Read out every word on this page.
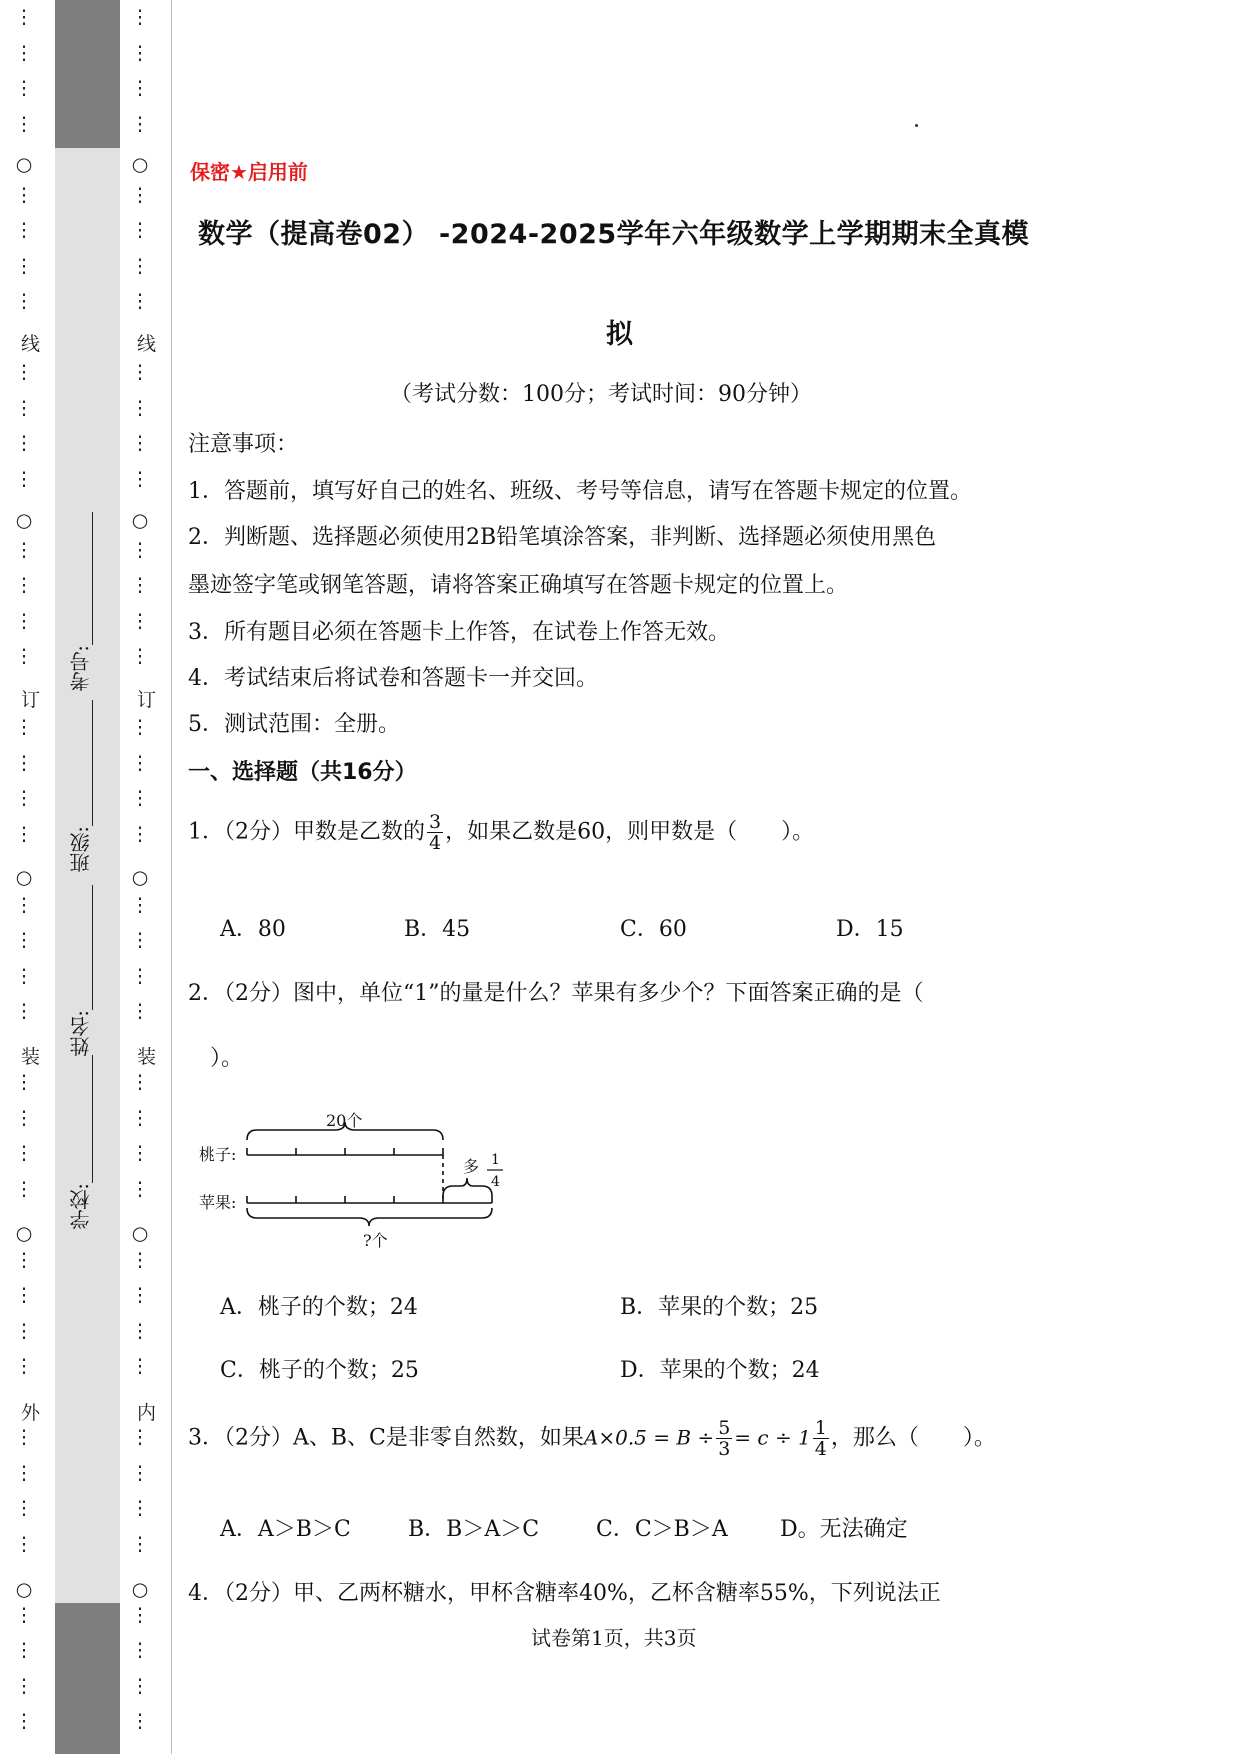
⋮
⋮
⋮
⋮
⋮
⋮
⋮
⋮
⋮
⋮
⋮
⋮
⋮
⋮
⋮
⋮
⋮
⋮
⋮
⋮
⋮
⋮
⋮
⋮
⋮
⋮
⋮
⋮
⋮
⋮
⋮
⋮
⋮
⋮
⋮
⋮
⋮
⋮
⋮
⋮
○
线
○
订
○
装
○
外
○
⋮
⋮
⋮
⋮
⋮
⋮
⋮
⋮
⋮
⋮
⋮
⋮
⋮
⋮
⋮
⋮
⋮
⋮
⋮
⋮
⋮
⋮
⋮
⋮
⋮
⋮
⋮
⋮
⋮
⋮
⋮
⋮
⋮
⋮
⋮
⋮
⋮
⋮
⋮
⋮
○
线
○
订
○
装
○
内
○
学校:
姓名:
班级:
考号:
保密★启用前
数学（提高卷02） -2024-2025学年六年级数学上学期期末全真模
拟
（考试分数：100分；考试时间：90分钟）
注意事项：
1．答题前，填写好自己的姓名、班级、考号等信息，请写在答题卡规定的位置。
2．判断题、选择题必须使用2B铅笔填涂答案，非判断、选择题必须使用黑色
墨迹签字笔或钢笔答题，请将答案正确填写在答题卡规定的位置上。
3．所有题目必须在答题卡上作答，在试卷上作答无效。
4．考试结束后将试卷和答题卡一并交回。
5．测试范围：全册。
一、选择题（共16分）
1．（2分）甲数是乙数的 $\frac{3}{4}$ ，如果乙数是60，则甲数是（　　）。
A．80	B．45	C．60	D．15
2．（2分）图中，单位“1”的量是什么？苹果有多少个？下面答案正确的是（
　）。
20个
桃子:
苹果:
多 1
4
?个
A．桃子的个数；24	B．苹果的个数；25
C．桃子的个数；25	D．苹果的个数；24
3．（2分）A、B、C是非零自然数，如果$A\times 0.5 = B \div \frac{5}{3} = c \div 1 \frac{1}{4}$ ，那么（　　）。
A．A＞B＞C	B．B＞A＞C	C．C＞B＞A D。无法确定
4．（2分）甲、乙两杯糖水，甲杯含糖率40%，乙杯含糖率55%，下列说法正
试卷第1页，共3页
